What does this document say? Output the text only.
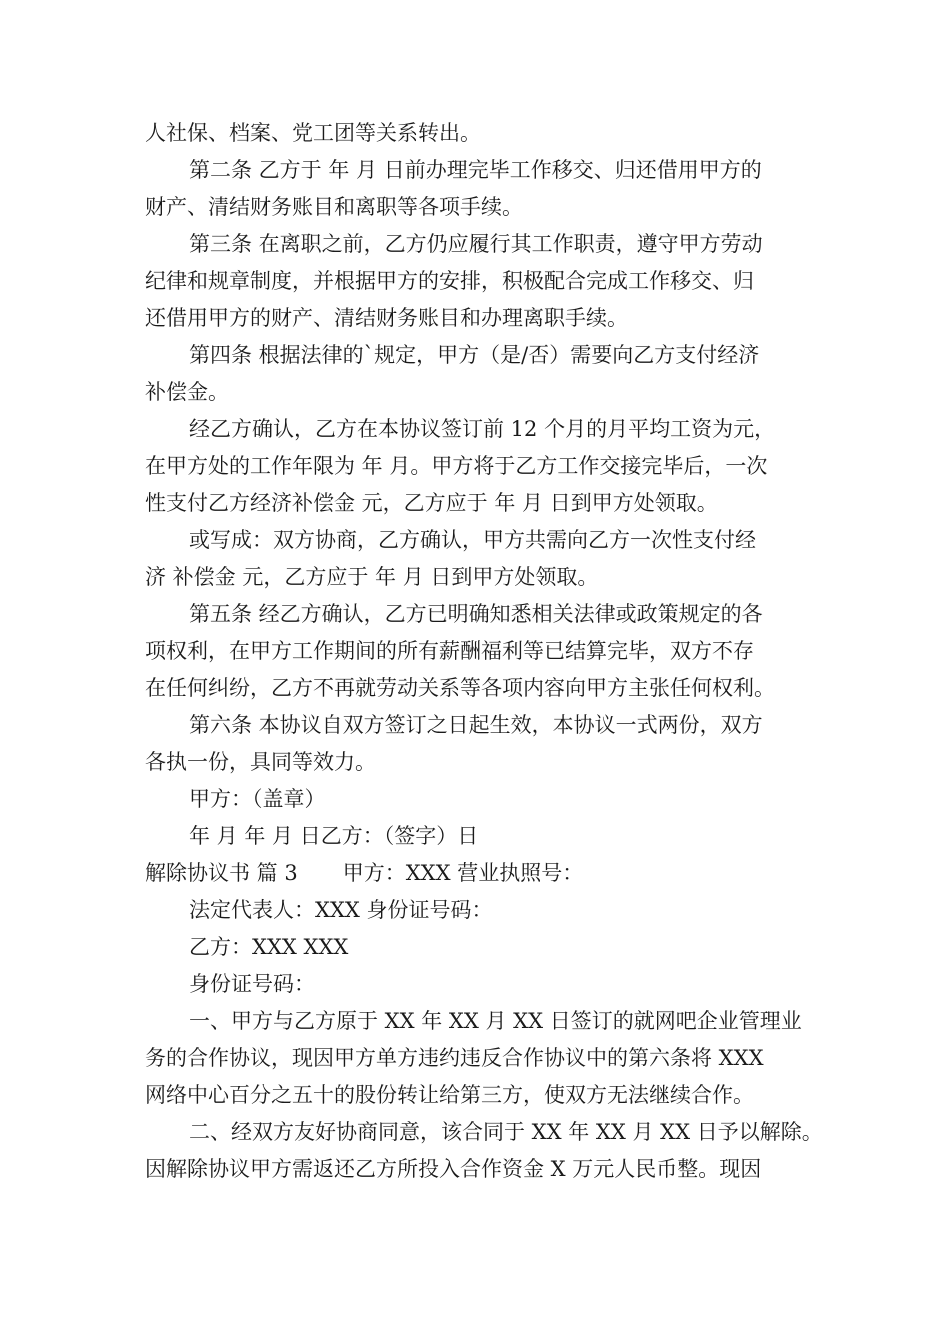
人社保、档案、党工团等关系转出。
第二条 乙方于 年 月 日前办理完毕工作移交、归还借用甲方的
财产、清结财务账目和离职等各项手续。
第三条 在离职之前，乙方仍应履行其工作职责，遵守甲方劳动
纪律和规章制度，并根据甲方的安排，积极配合完成工作移交、归
还借用甲方的财产、清结财务账目和办理离职手续。
第四条 根据法律的`规定，甲方（是/否）需要向乙方支付经济
补偿金。
经乙方确认，乙方在本协议签订前 12 个月的月平均工资为元，
在甲方处的工作年限为 年 月。甲方将于乙方工作交接完毕后，一次
性支付乙方经济补偿金 元，乙方应于 年 月 日到甲方处领取。
或写成：双方协商，乙方确认，甲方共需向乙方一次性支付经
济 补偿金 元，乙方应于 年 月 日到甲方处领取。
第五条 经乙方确认，乙方已明确知悉相关法律或政策规定的各
项权利，在甲方工作期间的所有薪酬福利等已结算完毕，双方不存
在任何纠纷，乙方不再就劳动关系等各项内容向甲方主张任何权利。
第六条 本协议自双方签订之日起生效，本协议一式两份，双方
各执一份，具同等效力。
甲方：（盖章）
年 月 年 月 日乙方：（签字）日
解除协议书 篇 3 甲方：XXX 营业执照号：
法定代表人：XXX 身份证号码：
乙方：XXX XXX
身份证号码：
一、甲方与乙方原于 XX 年 XX 月 XX 日签订的就网吧企业管理业
务的合作协议，现因甲方单方违约违反合作协议中的第六条将 XXX
网络中心百分之五十的股份转让给第三方，使双方无法继续合作。
二、经双方友好协商同意，该合同于 XX 年 XX 月 XX 日予以解除。
因解除协议甲方需返还乙方所投入合作资金 X 万元人民币整。现因
